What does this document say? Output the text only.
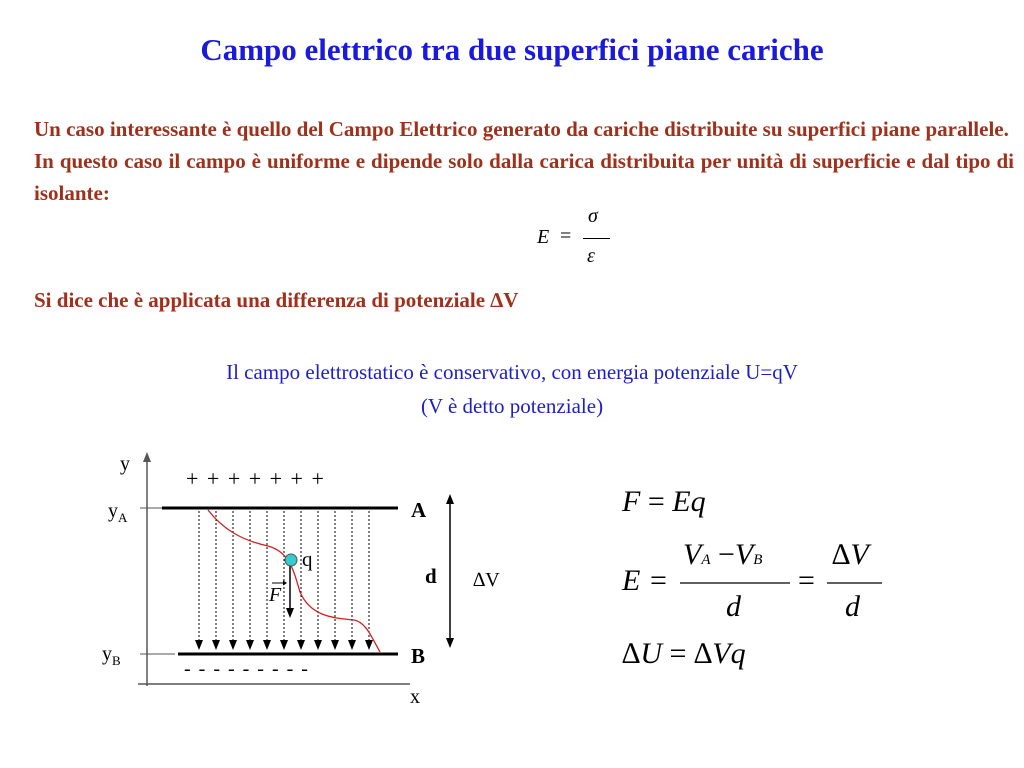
Campo elettrico tra due superfici piane cariche

Un caso interessante è quello del Campo Elettrico generato da cariche distribuite su superfici piane parallele.

In questo caso il campo è uniforme e dipende solo dalla carica distribuita per unità di superficie e dal tipo di isolante:

E =
σ
ε
Si dice che è applicata una differenza di potenziale ∆V
Il campo elettrostatico è conservativo, con energia potenziale U=qV
(V è detto potenziale)
y
x
$y_A$
$y_B$
+ + + + + + +
- - - - - - - - -
A
B
q
F
d ∆V
F = Eq
E =
VA −VB
d
=
∆V
d
∆U = ∆Vq
